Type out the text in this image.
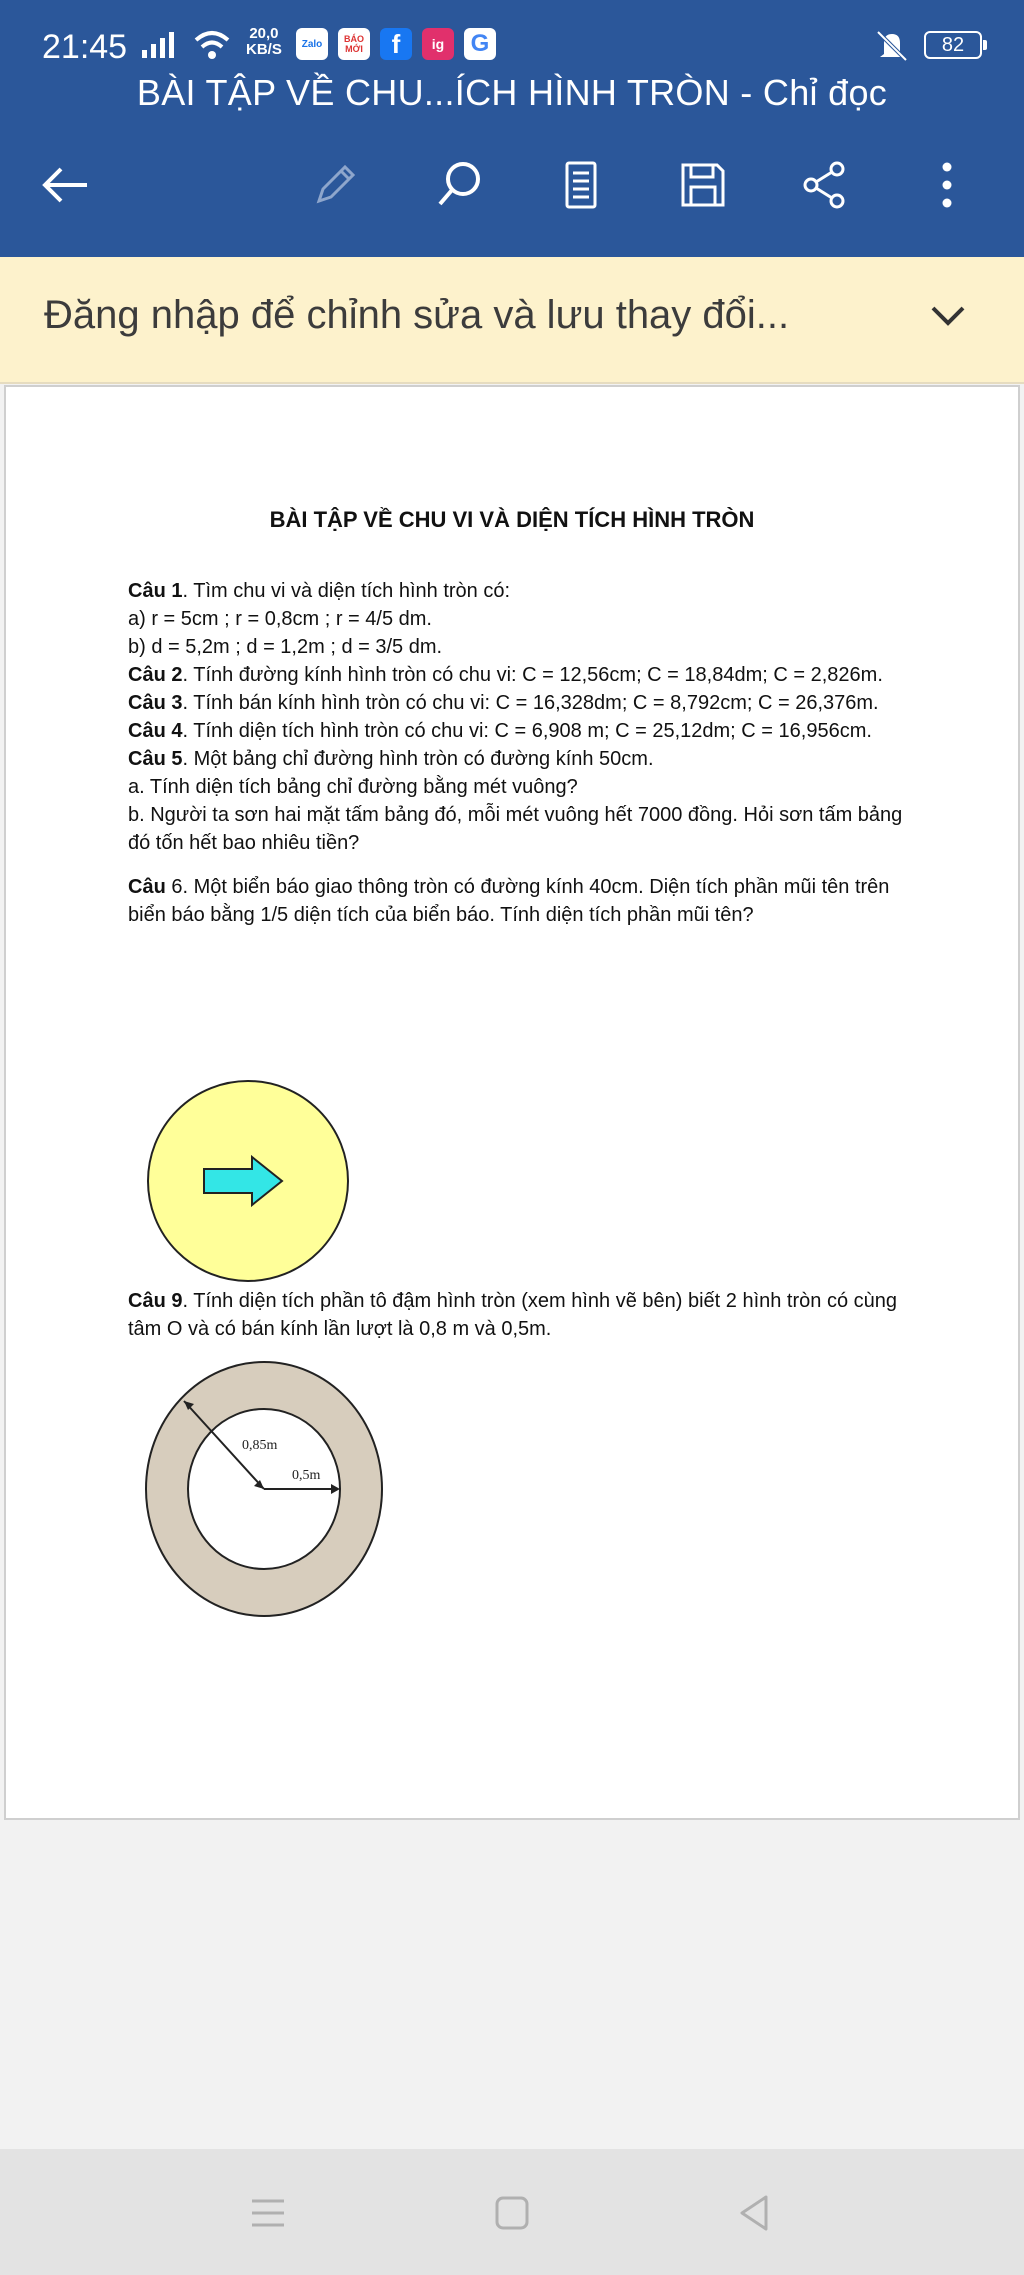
21:45	20,0
KB/S Zalo	BÁO MỚI f ig G	82
BÀI TẬP VỀ CHU...ÍCH HÌNH TRÒN - Chỉ đọc
Đăng nhập để chỉnh sửa và lưu thay đổi...
BÀI TẬP VỀ CHU VI VÀ DIỆN TÍCH HÌNH TRÒN

Câu 1. Tìm chu vi và diện tích hình tròn có:

a) r = 5cm ; r = 0,8cm ; r = 4/5 dm.

b) d = 5,2m ; d = 1,2m ; d = 3/5 dm.

Câu 2. Tính đường kính hình tròn có chu vi: C = 12,56cm; C = 18,84dm; C = 2,826m.

Câu 3. Tính bán kính hình tròn có chu vi: C = 16,328dm; C = 8,792cm; C = 26,376m.

Câu 4. Tính diện tích hình tròn có chu vi: C = 6,908 m; C = 25,12dm; C = 16,956cm.

Câu 5. Một bảng chỉ đường hình tròn có đường kính 50cm.

a. Tính diện tích bảng chỉ đường bằng mét vuông?

b. Người ta sơn hai mặt tấm bảng đó, mỗi mét vuông hết 7000 đồng. Hỏi sơn tấm bảng đó tốn hết bao nhiêu tiền?

Câu 6. Một biển báo giao thông tròn có đường kính 40cm. Diện tích phần mũi tên trên biển báo bằng 1/5 diện tích của biển báo. Tính diện tích phần mũi tên?

Câu 9. Tính diện tích phần tô đậm hình tròn (xem hình vẽ bên) biết 2 hình tròn có cùng tâm O và có bán kính lần lượt là 0,8 m và 0,5m.

0,85m
0,5m
